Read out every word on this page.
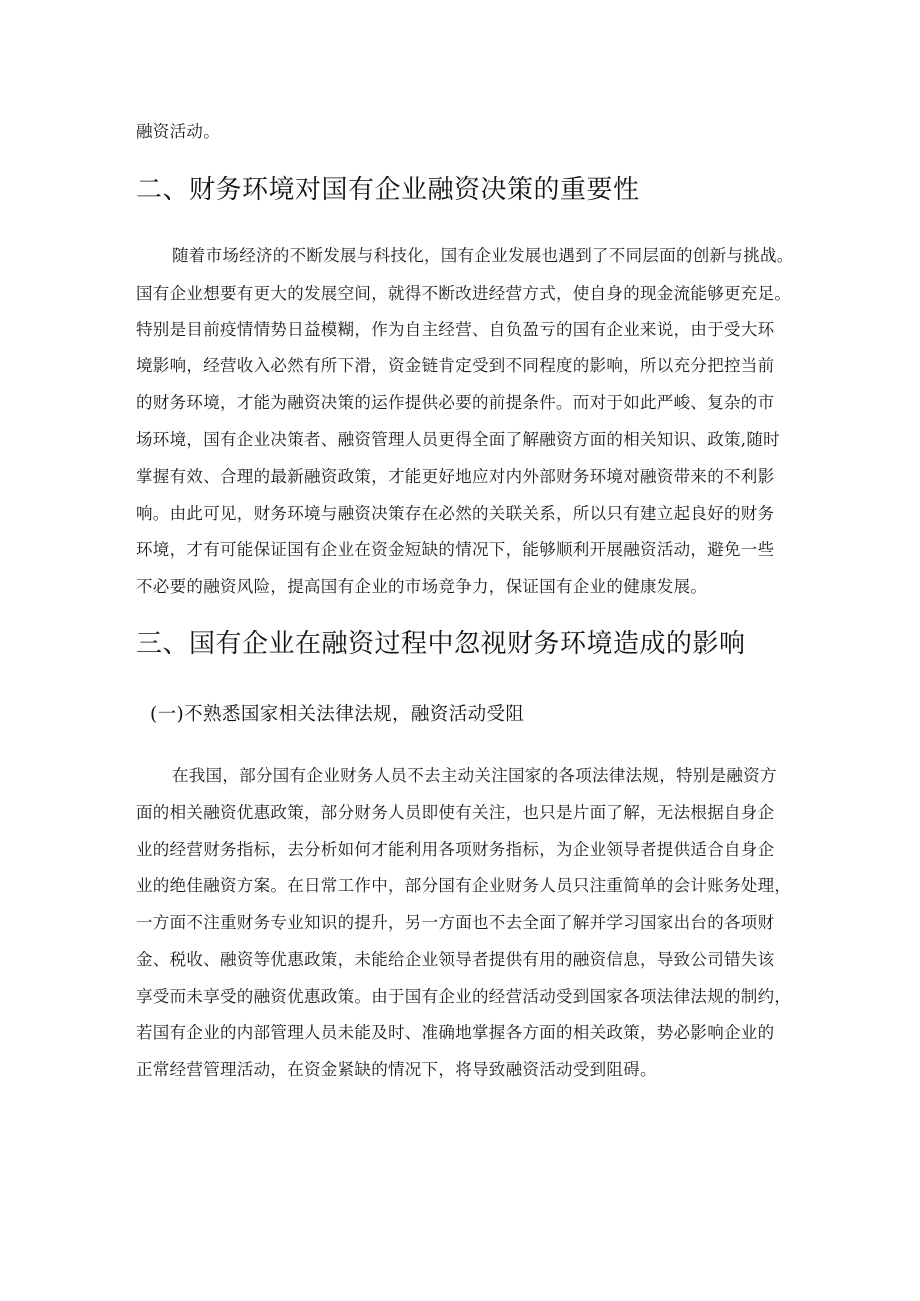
融资活动。
二、财务环境对国有企业融资决策的重要性
随着市场经济的不断发展与科技化，国有企业发展也遇到了不同层面的创新与挑战。
国有企业想要有更大的发展空间，就得不断改进经营方式，使自身的现金流能够更充足。
特别是目前疫情情势日益模糊，作为自主经营、自负盈亏的国有企业来说，由于受大环
境影响，经营收入必然有所下滑，资金链肯定受到不同程度的影响，所以充分把控当前
的财务环境，才能为融资决策的运作提供必要的前提条件。而对于如此严峻、复杂的市
场环境，国有企业决策者、融资管理人员更得全面了解融资方面的相关知识、政策,随时
掌握有效、合理的最新融资政策，才能更好地应对内外部财务环境对融资带来的不利影
响。由此可见，财务环境与融资决策存在必然的关联关系，所以只有建立起良好的财务
环境，才有可能保证国有企业在资金短缺的情况下，能够顺利开展融资活动，避免一些
不必要的融资风险，提高国有企业的市场竞争力，保证国有企业的健康发展。
三、国有企业在融资过程中忽视财务环境造成的影响
(一)不熟悉国家相关法律法规，融资活动受阻
在我国，部分国有企业财务人员不去主动关注国家的各项法律法规，特别是融资方
面的相关融资优惠政策，部分财务人员即使有关注，也只是片面了解，无法根据自身企
业的经营财务指标，去分析如何才能利用各项财务指标，为企业领导者提供适合自身企
业的绝佳融资方案。在日常工作中，部分国有企业财务人员只注重简单的会计账务处理，
一方面不注重财务专业知识的提升，另一方面也不去全面了解并学习国家出台的各项财
金、税收、融资等优惠政策，未能给企业领导者提供有用的融资信息，导致公司错失该
享受而未享受的融资优惠政策。由于国有企业的经营活动受到国家各项法律法规的制约，
若国有企业的内部管理人员未能及时、准确地掌握各方面的相关政策，势必影响企业的
正常经营管理活动，在资金紧缺的情况下，将导致融资活动受到阻碍。
